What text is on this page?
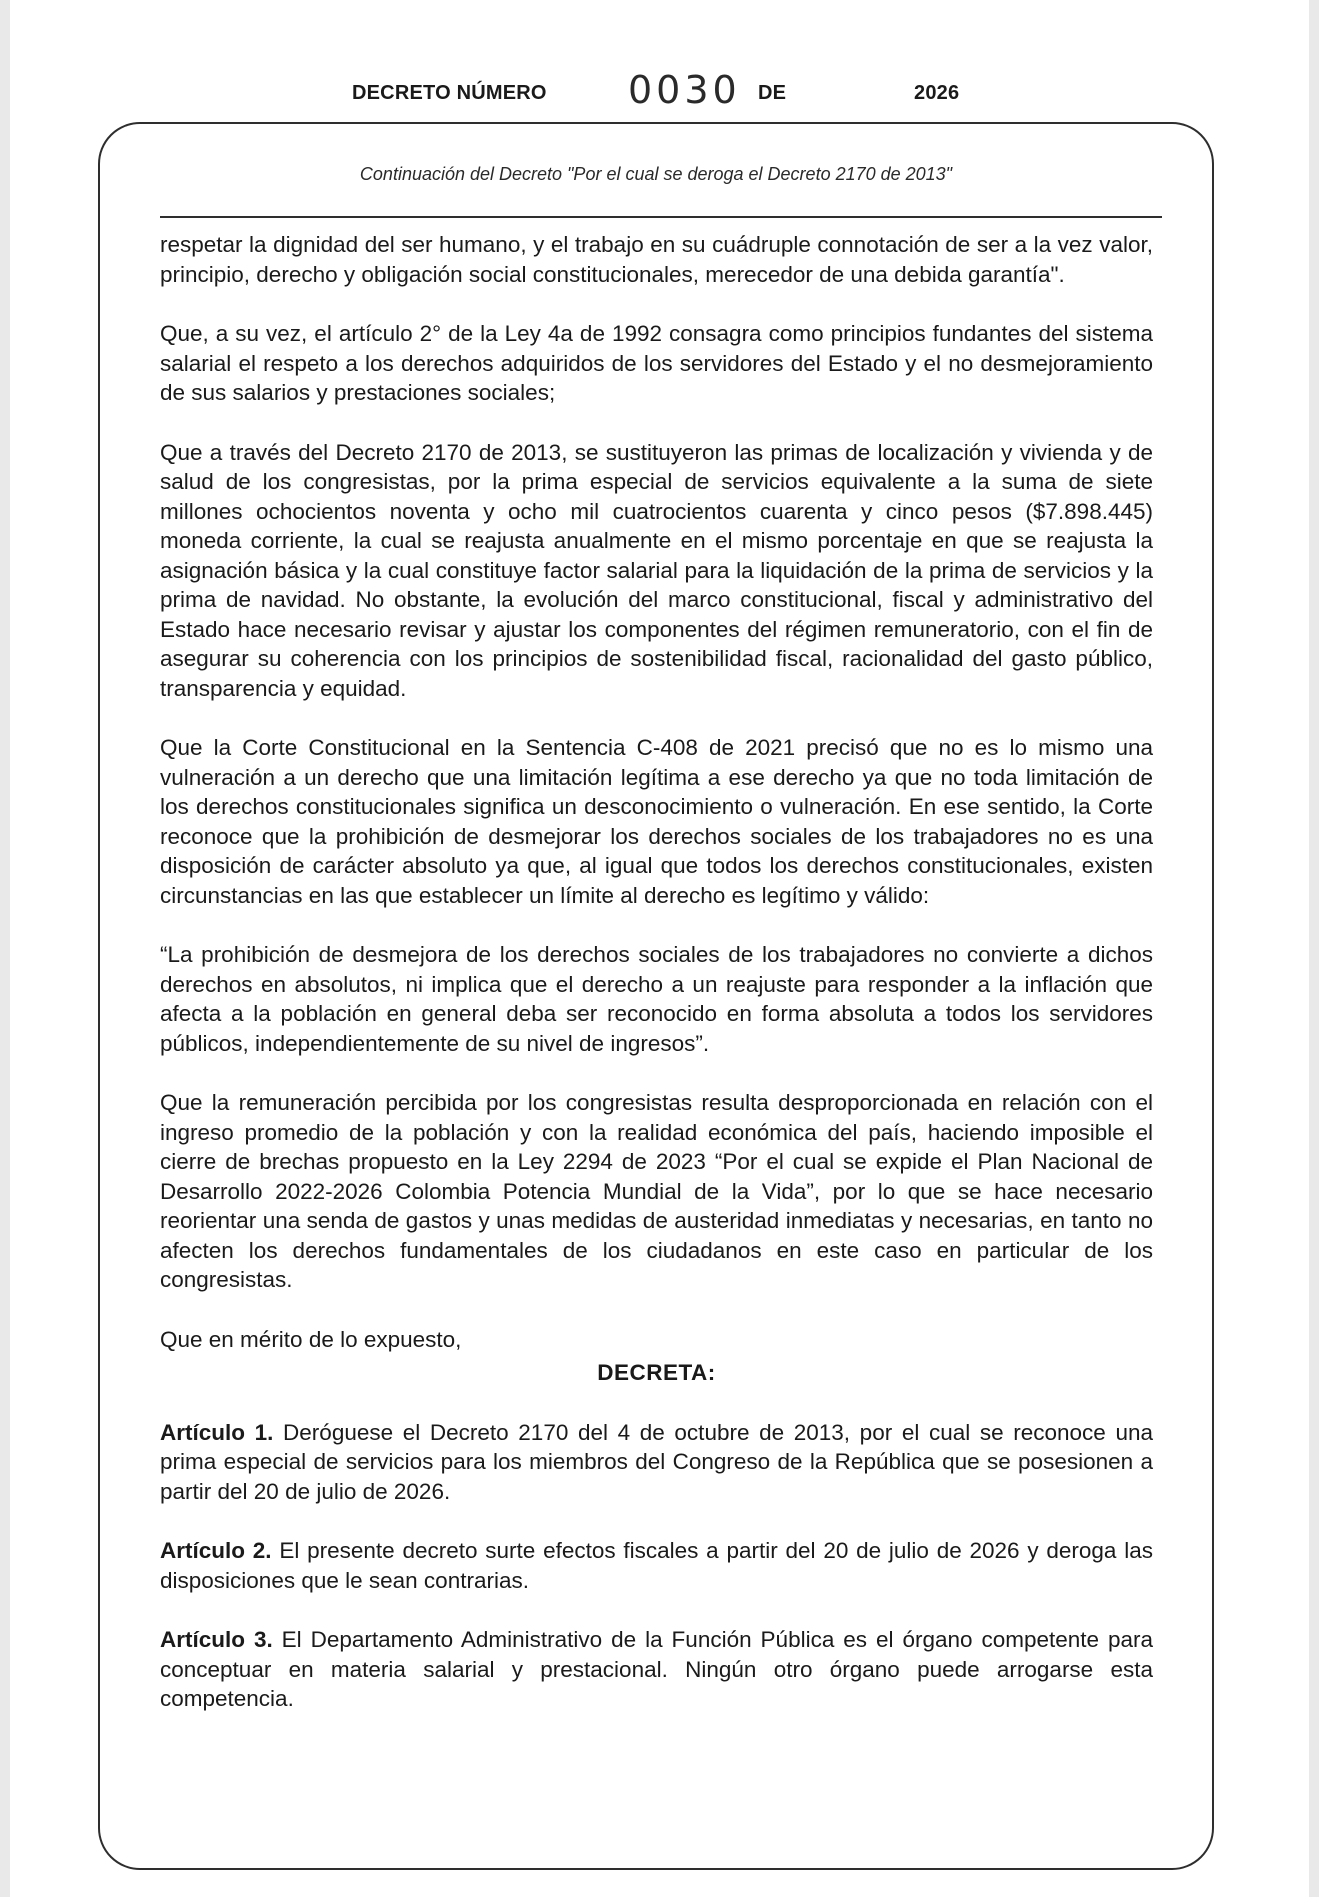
DECRETO NÚMERO 0030 DE	2026
Continuación del Decreto "Por el cual se deroga el Decreto 2170 de 2013"

respetar la dignidad del ser humano, y el trabajo en su cuádruple connotación de ser a la vez valor, principio, derecho y obligación social constitucionales, merecedor de una debida garantía".

Que, a su vez, el artículo 2° de la Ley 4a de 1992 consagra como principios fundantes del sistema salarial el respeto a los derechos adquiridos de los servidores del Estado y el no desmejoramiento de sus salarios y prestaciones sociales;

Que a través del Decreto 2170 de 2013, se sustituyeron las primas de localización y vivienda y de salud de los congresistas, por la prima especial de servicios equivalente a la suma de siete millones ochocientos noventa y ocho mil cuatrocientos cuarenta y cinco pesos ($7.898.445) moneda corriente, la cual se reajusta anualmente en el mismo porcentaje en que se reajusta la asignación básica y la cual constituye factor salarial para la liquidación de la prima de servicios y la prima de navidad. No obstante, la evolución del marco constitucional, fiscal y administrativo del Estado hace necesario revisar y ajustar los componentes del régimen remuneratorio, con el fin de asegurar su coherencia con los principios de sostenibilidad fiscal, racionalidad del gasto público, transparencia y equidad.

Que la Corte Constitucional en la Sentencia C-408 de 2021 precisó que no es lo mismo una vulneración a un derecho que una limitación legítima a ese derecho ya que no toda limitación de los derechos constitucionales significa un desconocimiento o vulneración. En ese sentido, la Corte reconoce que la prohibición de desmejorar los derechos sociales de los trabajadores no es una disposición de carácter absoluto ya que, al igual que todos los derechos constitucionales, existen circunstancias en las que establecer un límite al derecho es legítimo y válido:

“La prohibición de desmejora de los derechos sociales de los trabajadores no convierte a dichos derechos en absolutos, ni implica que el derecho a un reajuste para responder a la inflación que afecta a la población en general deba ser reconocido en forma absoluta a todos los servidores públicos, independientemente de su nivel de ingresos”.

Que la remuneración percibida por los congresistas resulta desproporcionada en relación con el ingreso promedio de la población y con la realidad económica del país, haciendo imposible el cierre de brechas propuesto en la Ley 2294 de 2023 “Por el cual se expide el Plan Nacional de Desarrollo 2022-2026 Colombia Potencia Mundial de la Vida”, por lo que se hace necesario reorientar una senda de gastos y unas medidas de austeridad inmediatas y necesarias, en tanto no afecten los derechos fundamentales de los ciudadanos en este caso en particular de los congresistas.

Que en mérito de lo expuesto,

DECRETA:

Artículo 1. Deróguese el Decreto 2170 del 4 de octubre de 2013, por el cual se reconoce una prima especial de servicios para los miembros del Congreso de la República que se posesionen a partir del 20 de julio de 2026.

Artículo 2. El presente decreto surte efectos fiscales a partir del 20 de julio de 2026 y deroga las disposiciones que le sean contrarias.

Artículo 3. El Departamento Administrativo de la Función Pública es el órgano competente para conceptuar en materia salarial y prestacional. Ningún otro órgano puede arrogarse esta competencia.
